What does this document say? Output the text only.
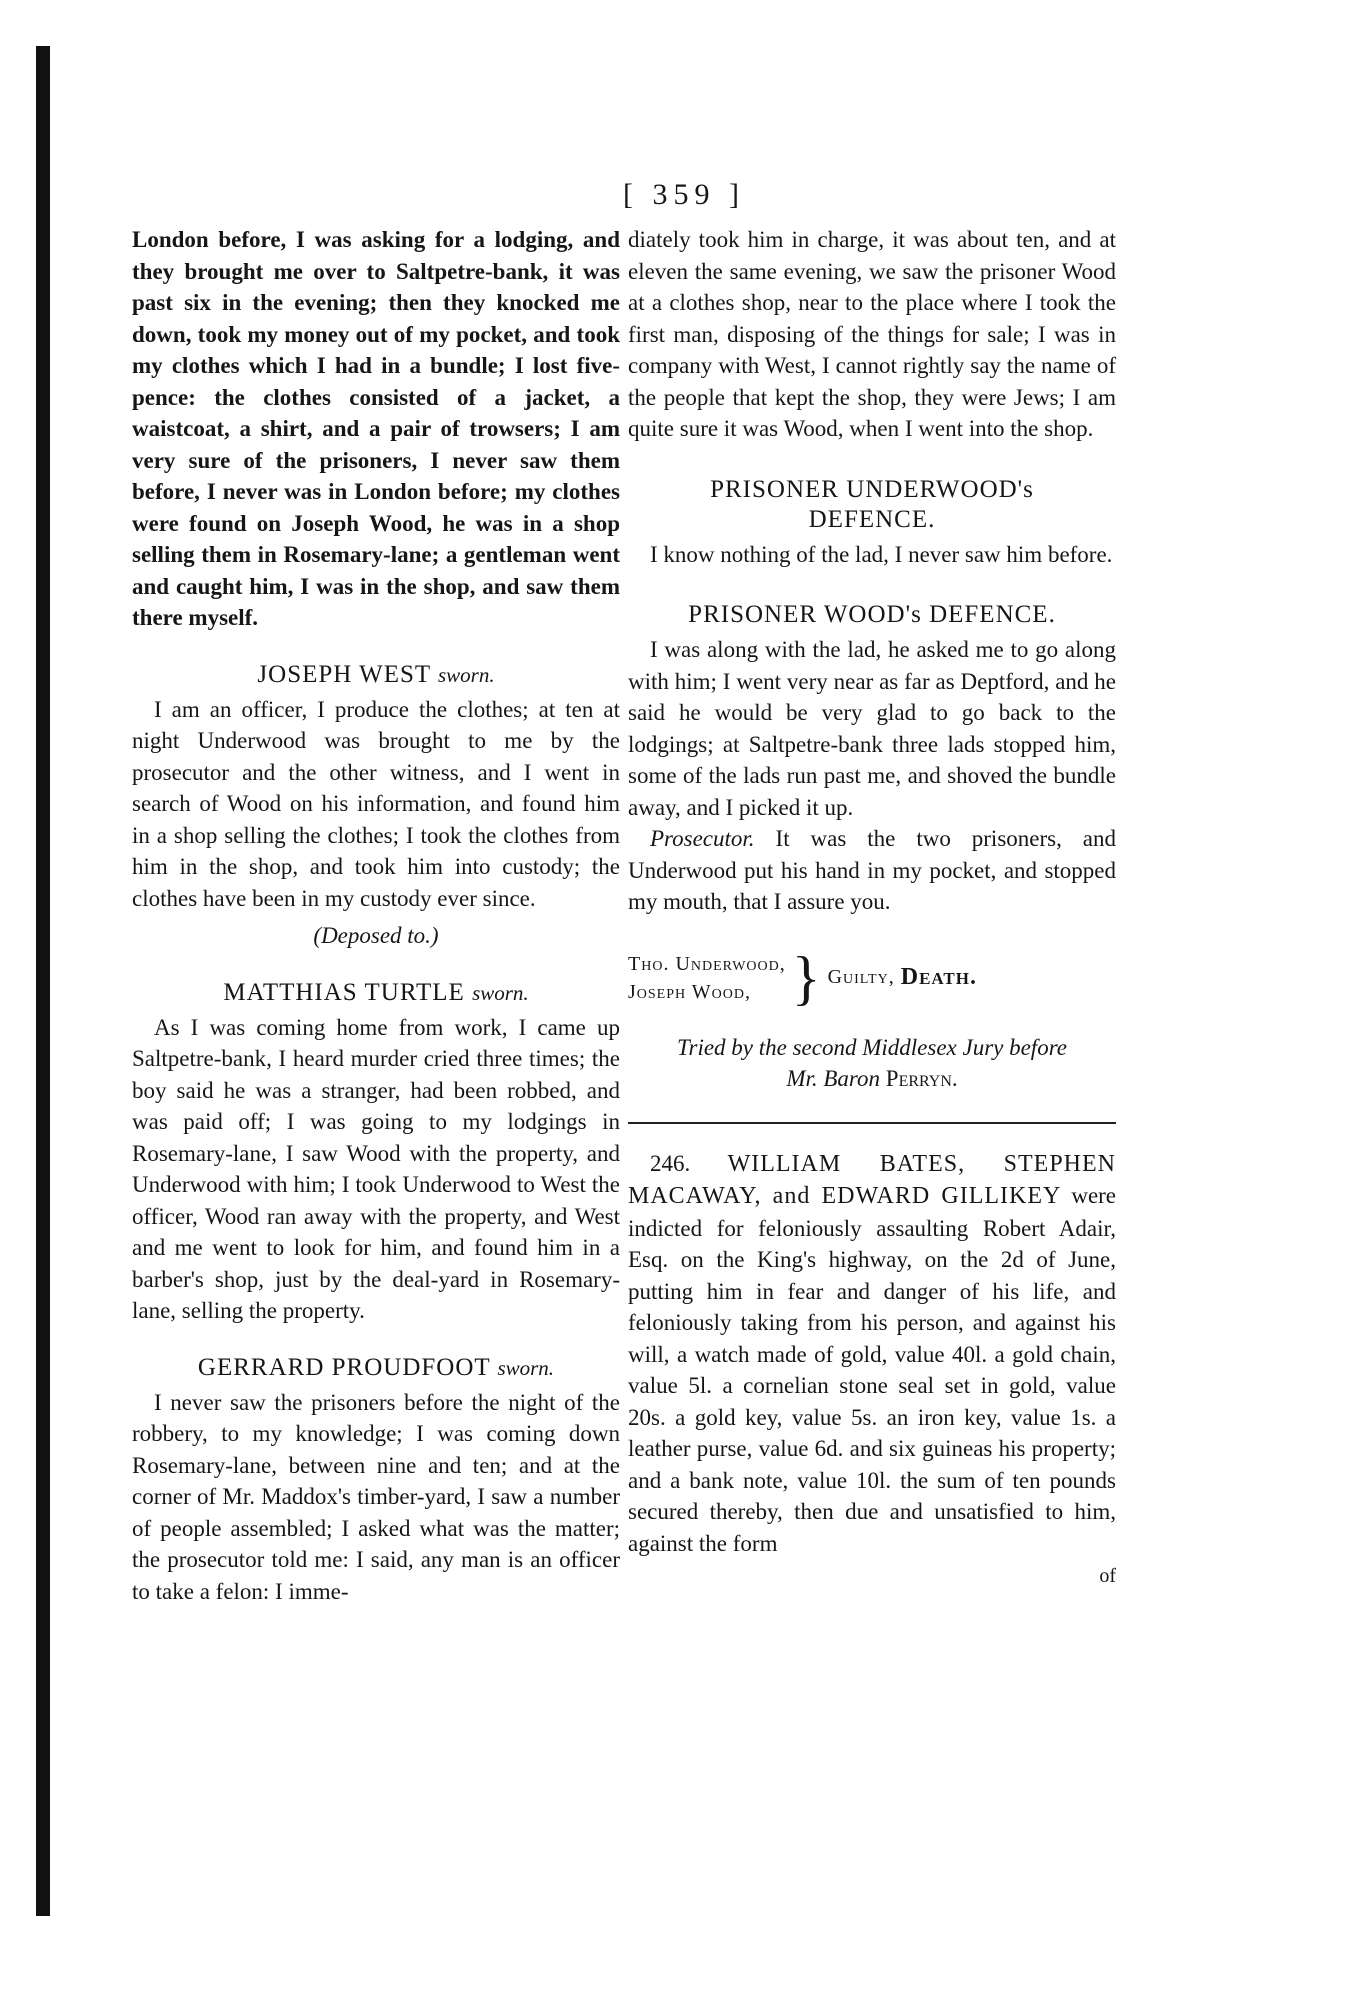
[ 359 ]

London before, I was asking for a lodging, and they brought me over to Saltpetre-bank, it was past six in the evening; then they knocked me down, took my money out of my pocket, and took my clothes which I had in a bundle; I lost five-pence: the clothes consisted of a jacket, a waistcoat, a shirt, and a pair of trowsers; I am very sure of the prisoners, I never saw them before, I never was in London before; my clothes were found on Joseph Wood, he was in a shop selling them in Rosemary-lane; a gentleman went and caught him, I was in the shop, and saw them there myself.

JOSEPH WEST sworn.

I am an officer, I produce the clothes; at ten at night Underwood was brought to me by the prosecutor and the other witness, and I went in search of Wood on his information, and found him in a shop selling the clothes; I took the clothes from him in the shop, and took him into custody; the clothes have been in my custody ever since.

(Deposed to.)
MATTHIAS TURTLE sworn.

As I was coming home from work, I came up Saltpetre-bank, I heard murder cried three times; the boy said he was a stranger, had been robbed, and was paid off; I was going to my lodgings in Rosemary-lane, I saw Wood with the property, and Underwood with him; I took Underwood to West the officer, Wood ran away with the property, and West and me went to look for him, and found him in a barber's shop, just by the deal-yard in Rosemary-lane, selling the property.

GERRARD PROUDFOOT sworn.

I never saw the prisoners before the night of the robbery, to my knowledge; I was coming down Rosemary-lane, between nine and ten; and at the corner of Mr. Maddox's timber-yard, I saw a number of people assembled; I asked what was the matter; the prosecutor told me: I said, any man is an officer to take a felon: I imme-

diately took him in charge, it was about ten, and at eleven the same evening, we saw the prisoner Wood at a clothes shop, near to the place where I took the first man, disposing of the things for sale; I was in company with West, I cannot rightly say the name of the people that kept the shop, they were Jews; I am quite sure it was Wood, when I went into the shop.

PRISONER UNDERWOOD's
DEFENCE.

I know nothing of the lad, I never saw him before.

PRISONER WOOD's DEFENCE.

I was along with the lad, he asked me to go along with him; I went very near as far as Deptford, and he said he would be very glad to go back to the lodgings; at Saltpetre-bank three lads stopped him, some of the lads run past me, and shoved the bundle away, and I picked it up.

Prosecutor. It was the two prisoners, and Underwood put his hand in my pocket, and stopped my mouth, that I assure you.

Tho. Underwood,
Joseph Wood, } Guilty, Death.
Tried by the second Middlesex Jury before
Mr. Baron Perryn.

246. WILLIAM BATES, STEPHEN MACAWAY, and EDWARD GILLIKEY were indicted for feloniously assaulting Robert Adair, Esq. on the King's highway, on the 2d of June, putting him in fear and danger of his life, and feloniously taking from his person, and against his will, a watch made of gold, value 40l. a gold chain, value 5l. a cornelian stone seal set in gold, value 20s. a gold key, value 5s. an iron key, value 1s. a leather purse, value 6d. and six guineas his property; and a bank note, value 10l. the sum of ten pounds secured thereby, then due and unsatisfied to him, against the form

of
